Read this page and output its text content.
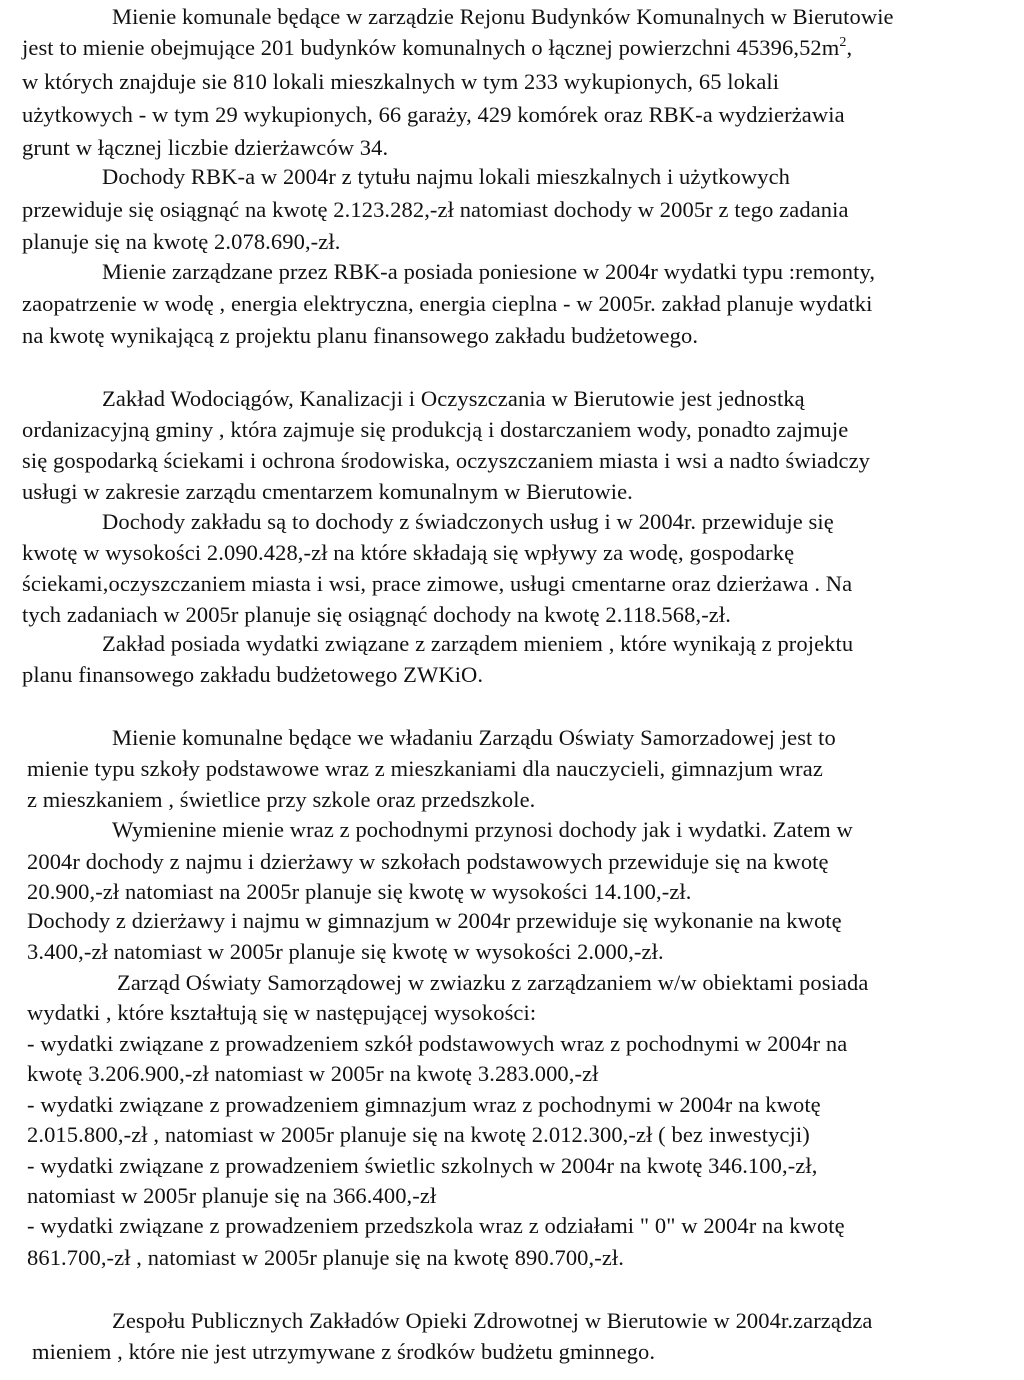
Mienie komunale będące w zarządzie Rejonu Budynków Komunalnych w Bierutowie
jest to mienie obejmujące 201 budynków komunalnych o łącznej powierzchni $45396,52m^2$,
w których znajduje sie 810 lokali mieszkalnych w tym 233 wykupionych, 65 lokali
użytkowych - w tym 29 wykupionych, 66 garaży, 429 komórek oraz RBK-a wydzierżawia
grunt w łącznej liczbie dzierżawców 34.
Dochody RBK-a w 2004r z tytułu najmu lokali mieszkalnych i użytkowych
przewiduje się osiągnąć na kwotę 2.123.282,-zł natomiast dochody w 2005r z tego zadania
planuje się na kwotę 2.078.690,-zł.
Mienie zarządzane przez RBK-a posiada poniesione w 2004r wydatki typu :remonty,
zaopatrzenie w wodę , energia elektryczna, energia cieplna - w 2005r. zakład planuje wydatki
na kwotę wynikającą z projektu planu finansowego zakładu budżetowego.
Zakład Wodociągów, Kanalizacji i Oczyszczania w Bierutowie jest jednostką
ordanizacyjną gminy , która zajmuje się produkcją i dostarczaniem wody, ponadto zajmuje
się gospodarką ściekami i ochrona środowiska, oczyszczaniem miasta i wsi a nadto świadczy
usługi w zakresie zarządu cmentarzem komunalnym w Bierutowie.
Dochody zakładu są to dochody z świadczonych usług i w 2004r. przewiduje się
kwotę w wysokości 2.090.428,-zł na które składają się wpływy za wodę, gospodarkę
ściekami,oczyszczaniem miasta i wsi, prace zimowe, usługi cmentarne oraz dzierżawa . Na
tych zadaniach w 2005r planuje się osiągnąć dochody na kwotę 2.118.568,-zł.
Zakład posiada wydatki związane z zarządem mieniem , które wynikają z projektu
planu finansowego zakładu budżetowego ZWKiO.
Mienie komunalne będące we władaniu Zarządu Oświaty Samorzadowej jest to
mienie typu szkoły podstawowe wraz z mieszkaniami dla nauczycieli, gimnazjum wraz
z mieszkaniem , świetlice przy szkole oraz przedszkole.
Wymienine mienie wraz z pochodnymi przynosi dochody jak i wydatki. Zatem w
2004r dochody z najmu i dzierżawy w szkołach podstawowych przewiduje się na kwotę
20.900,-zł natomiast na 2005r planuje się kwotę w wysokości 14.100,-zł.
Dochody z dzierżawy i najmu w gimnazjum w 2004r przewiduje się wykonanie na kwotę
3.400,-zł natomiast w 2005r planuje się kwotę w wysokości 2.000,-zł.
Zarząd Oświaty Samorządowej w zwiazku z zarządzaniem w/w obiektami posiada
wydatki , które kształtują się w następującej wysokości:
- wydatki związane z prowadzeniem szkół podstawowych wraz z pochodnymi w 2004r na
kwotę 3.206.900,-zł natomiast w 2005r na kwotę 3.283.000,-zł
- wydatki związane z prowadzeniem gimnazjum wraz z pochodnymi w 2004r na kwotę
2.015.800,-zł , natomiast w 2005r planuje się na kwotę 2.012.300,-zł ( bez inwestycji)
- wydatki związane z prowadzeniem świetlic szkolnych w 2004r na kwotę 346.100,-zł,
natomiast w 2005r planuje się na 366.400,-zł
- wydatki związane z prowadzeniem przedszkola wraz z odziałami " 0" w 2004r na kwotę
861.700,-zł , natomiast w 2005r planuje się na kwotę 890.700,-zł.
Zespołu Publicznych Zakładów Opieki Zdrowotnej w Bierutowie w 2004r.zarządza
mieniem , które nie jest utrzymywane z środków budżetu gminnego.
